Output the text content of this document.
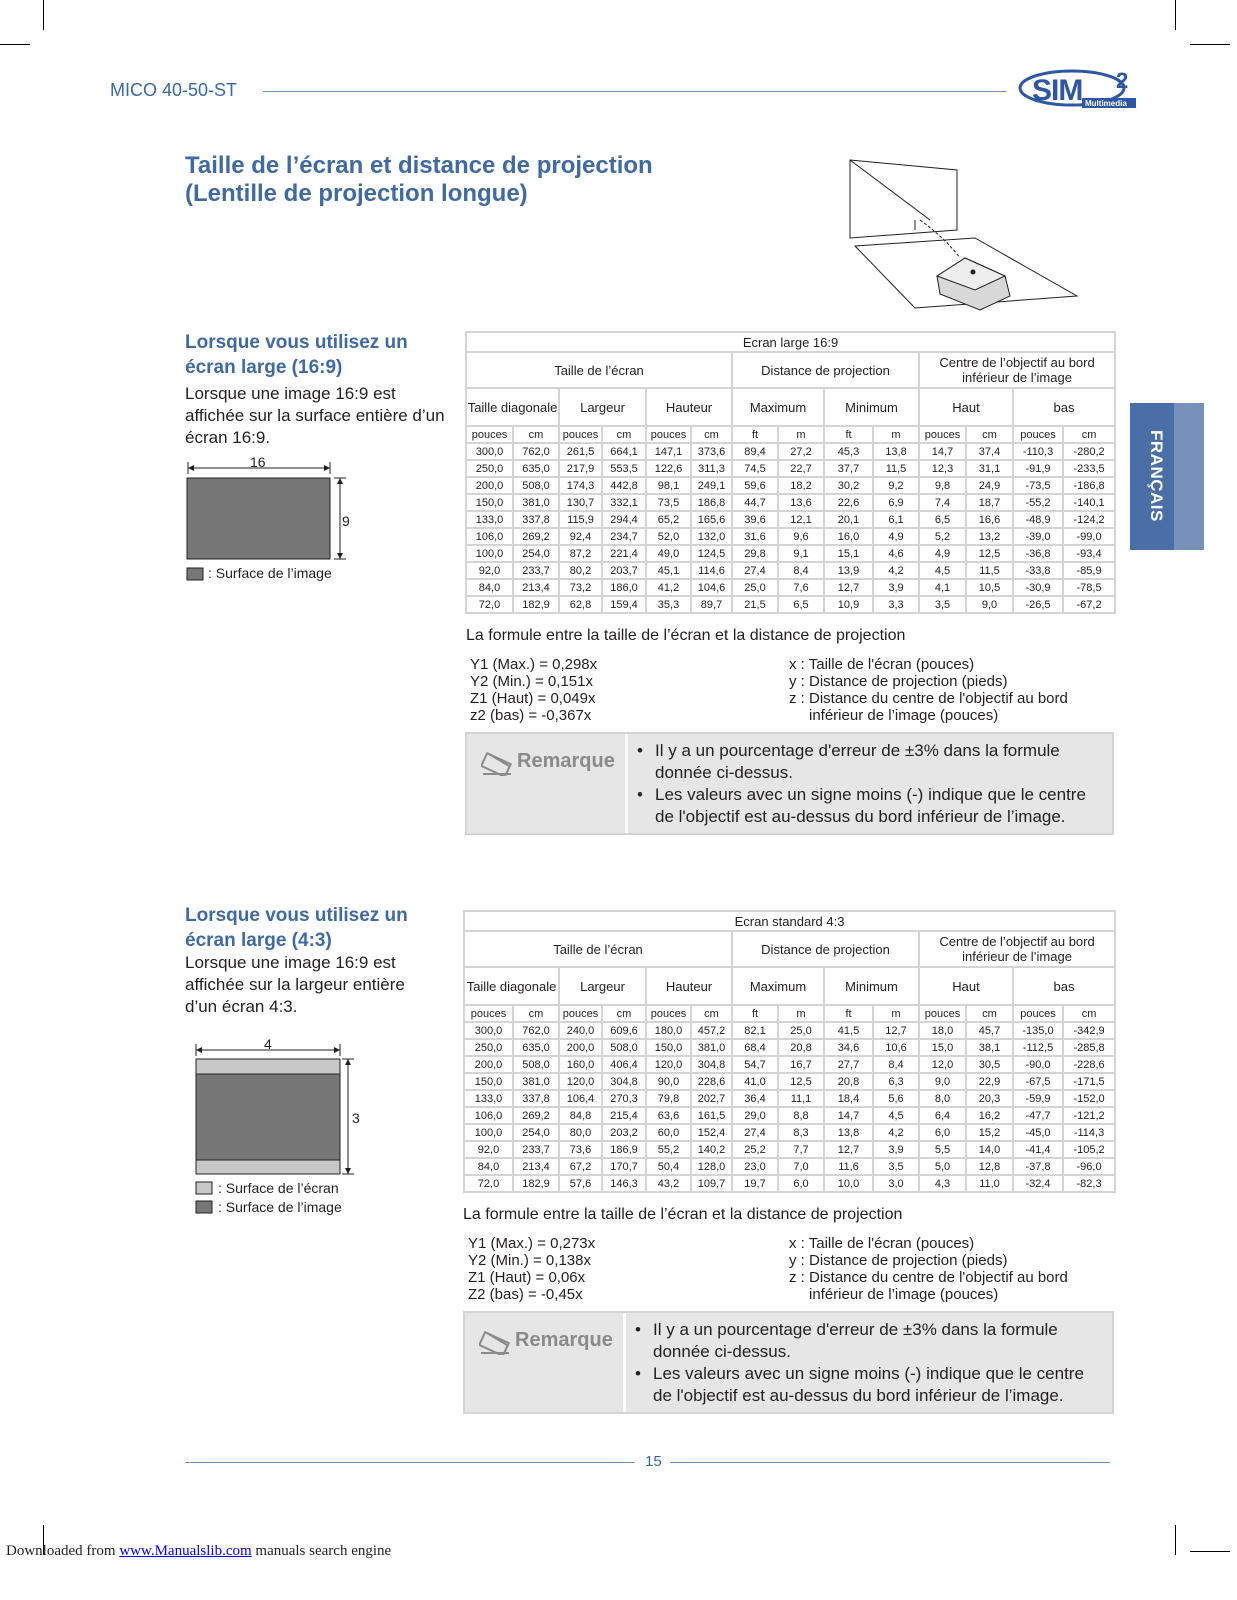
MICO 40-50-ST	SIM 2
Multimedia
Taille de l’écran et distance de projection
(Lentille de projection longue)
FRANÇAIS
Lorsque vous utilisez un
écran large (16:9)
Lorsque une image 16:9 est
affichée sur la surface entière d’un
écran 16:9.
16
9
: Surface de l’image
Ecran large 16:9													
Taille de l’écran						Distance de projection				Centre de l’objectif au bord inférieur de l’image			
Taille diagonale		Largeur		Hauteur		Maximum		Minimum		Haut		bas	
pouces	cm	pouces	cm	pouces	cm	ft	m	ft	m	pouces	cm	pouces	cm
300,0	762,0	261,5	664,1	147,1	373,6	89,4	27,2	45,3	13,8	14,7	37,4	-110,3	-280,2
250,0	635,0	217,9	553,5	122,6	311,3	74,5	22,7	37,7	11,5	12,3	31,1	-91,9	-233,5
200,0	508,0	174,3	442,8	98,1	249,1	59,6	18,2	30,2	9,2	9,8	24,9	-73,5	-186,8
150,0	381,0	130,7	332,1	73,5	186,8	44,7	13,6	22,6	6,9	7,4	18,7	-55,2	-140,1
133,0	337,8	115,9	294,4	65,2	165,6	39,6	12,1	20,1	6,1	6,5	16,6	-48,9	-124,2
106,0	269,2	92,4	234,7	52,0	132,0	31,6	9,6	16,0	4,9	5,2	13,2	-39,0	-99,0
100,0	254,0	87,2	221,4	49,0	124,5	29,8	9,1	15,1	4,6	4,9	12,5	-36,8	-93,4
92,0	233,7	80,2	203,7	45,1	114,6	27,4	8,4	13,9	4,2	4,5	11,5	-33,8	-85,9
84,0	213,4	73,2	186,0	41,2	104,6	25,0	7,6	12,7	3,9	4,1	10,5	-30,9	-78,5
72,0	182,9	62,8	159,4	35,3	89,7	21,5	6,5	10,9	3,3	3,5	9,0	-26,5	-67,2
La formule entre la taille de l’écran et la distance de projection
Y1 (Max.) = 0,298x
Y2 (Min.) = 0,151x
Z1 (Haut) = 0,049x
z2 (bas) = -0,367x
x : Taille de l'écran (pouces)
y : Distance de projection (pieds)
z : Distance du centre de l'objectif au bord
inférieur de l’image (pouces)
Remarque	• Il y a un pourcentage d'erreur de ±3% dans la formule donnée ci-dessus.
• Les valeurs avec un signe moins (-) indique que le centre de l'objectif est au-dessus du bord inférieur de l’image.
Lorsque vous utilisez un
écran large (4:3)
Lorsque une image 16:9 est
affichée sur la largeur entière
d’un écran 4:3.
4
3
: Surface de l’écran
: Surface de l’image
Ecran standard 4:3													
Taille de l’écran						Distance de projection				Centre de l’objectif au bord inférieur de l’image			
Taille diagonale		Largeur		Hauteur		Maximum		Minimum		Haut		bas	
pouces	cm	pouces	cm	pouces	cm	ft	m	ft	m	pouces	cm	pouces	cm
300,0	762,0	240,0	609,6	180,0	457,2	82,1	25,0	41,5	12,7	18,0	45,7	-135,0	-342,9
250,0	635,0	200,0	508,0	150,0	381,0	68,4	20,8	34,6	10,6	15,0	38,1	-112,5	-285,8
200,0	508,0	160,0	406,4	120,0	304,8	54,7	16,7	27,7	8,4	12,0	30,5	-90,0	-228,6
150,0	381,0	120,0	304,8	90,0	228,6	41,0	12,5	20,8	6,3	9,0	22,9	-67,5	-171,5
133,0	337,8	106,4	270,3	79,8	202,7	36,4	11,1	18,4	5,6	8,0	20,3	-59,9	-152,0
106,0	269,2	84,8	215,4	63,6	161,5	29,0	8,8	14,7	4,5	6,4	16,2	-47,7	-121,2
100,0	254,0	80,0	203,2	60,0	152,4	27,4	8,3	13,8	4,2	6,0	15,2	-45,0	-114,3
92,0	233,7	73,6	186,9	55,2	140,2	25,2	7,7	12,7	3,9	5,5	14,0	-41,4	-105,2
84,0	213,4	67,2	170,7	50,4	128,0	23,0	7,0	11,6	3,5	5,0	12,8	-37,8	-96,0
72,0	182,9	57,6	146,3	43,2	109,7	19,7	6,0	10,0	3,0	4,3	11,0	-32,4	-82,3
La formule entre la taille de l’écran et la distance de projection
Y1 (Max.) = 0,273x
Y2 (Min.) = 0,138x
Z1 (Haut) = 0,06x
Z2 (bas) = -0,45x
x : Taille de l'écran (pouces)
y : Distance de projection (pieds)
z : Distance du centre de l'objectif au bord
inférieur de l’image (pouces)
Remarque	• Il y a un pourcentage d'erreur de ±3% dans la formule donnée ci-dessus.
• Les valeurs avec un signe moins (-) indique que le centre de l'objectif est au-dessus du bord inférieur de l’image.
15
Downloaded from www.Manualslib.com manuals search engine
